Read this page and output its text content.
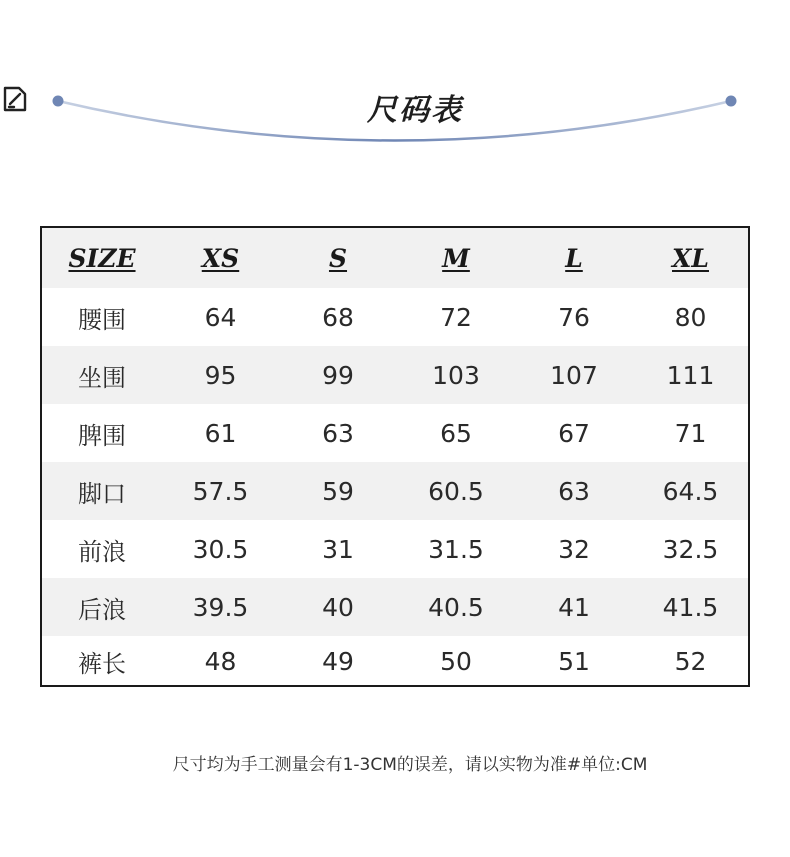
尺码表
SIZE	XS	S	M	L	XL
腰围	64	68	72	76	80
坐围	95	99	103	107	111
脾围	61	63	65	67	71
脚口	57.5	59	60.5	63	64.5
前浪	30.5	31	31.5	32	32.5
后浪	39.5	40	40.5	41	41.5
裤长	48	49	50	51	52
尺寸均为手工测量会有1-3CM的误差，请以实物为准#单位:CM
